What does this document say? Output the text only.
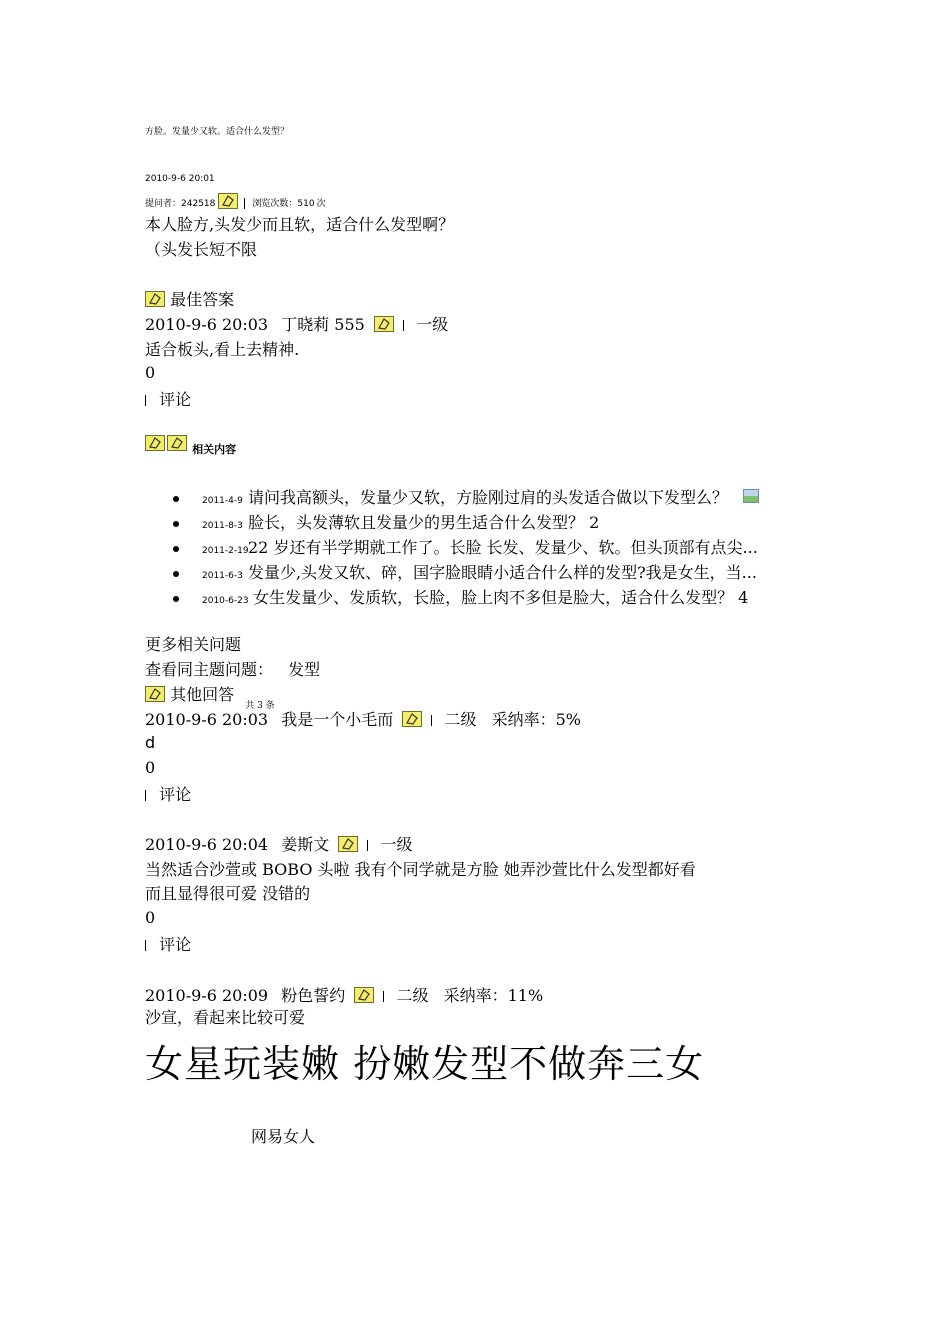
方脸。发量少又软。适合什么发型？
2010-9-6 20:01
提问者： 242518	浏览次数： 510 次
本人脸方,头发少而且软，适合什么发型啊？
（头发长短不限
最佳答案
2010-9-6 20:03 丁晓莉 555	一级
适合板头,看上去精神.
0
评论
$_{相关内容}$
2011-4-9 请问我高额头，发量少又软，方脸刚过肩的头发适合做以下发型么？
2011-8-3 脸长，头发薄软且发量少的男生适合什么发型？ 2
2011-2-1922 岁还有半学期就工作了。长脸 长发、发量少、软。但头顶部有点尖...
2011-6-3 发量少,头发又软、碎，国字脸眼睛小适合什么样的发型?我是女生，当...
2010-6-23 女生发量少、发质软，长脸，脸上肉不多但是脸大，适合什么发型？ 4
更多相关问题
查看同主题问题： 发型
其他回答 $_{共 3 条}$
2010-9-6 20:03 我是一个小毛而	二级 采纳率：5%
d
0
评论
2010-9-6 20:04 姜斯文	一级
当然适合沙萱或 BOBO 头啦 我有个同学就是方脸 她弄沙萱比什么发型都好看
而且显得很可爱 没错的
0
评论
2010-9-6 20:09 粉色誓约	二级 采纳率：11%
沙宣，看起来比较可爱
女星玩装嫩 扮嫩发型不做奔三女
网易女人
